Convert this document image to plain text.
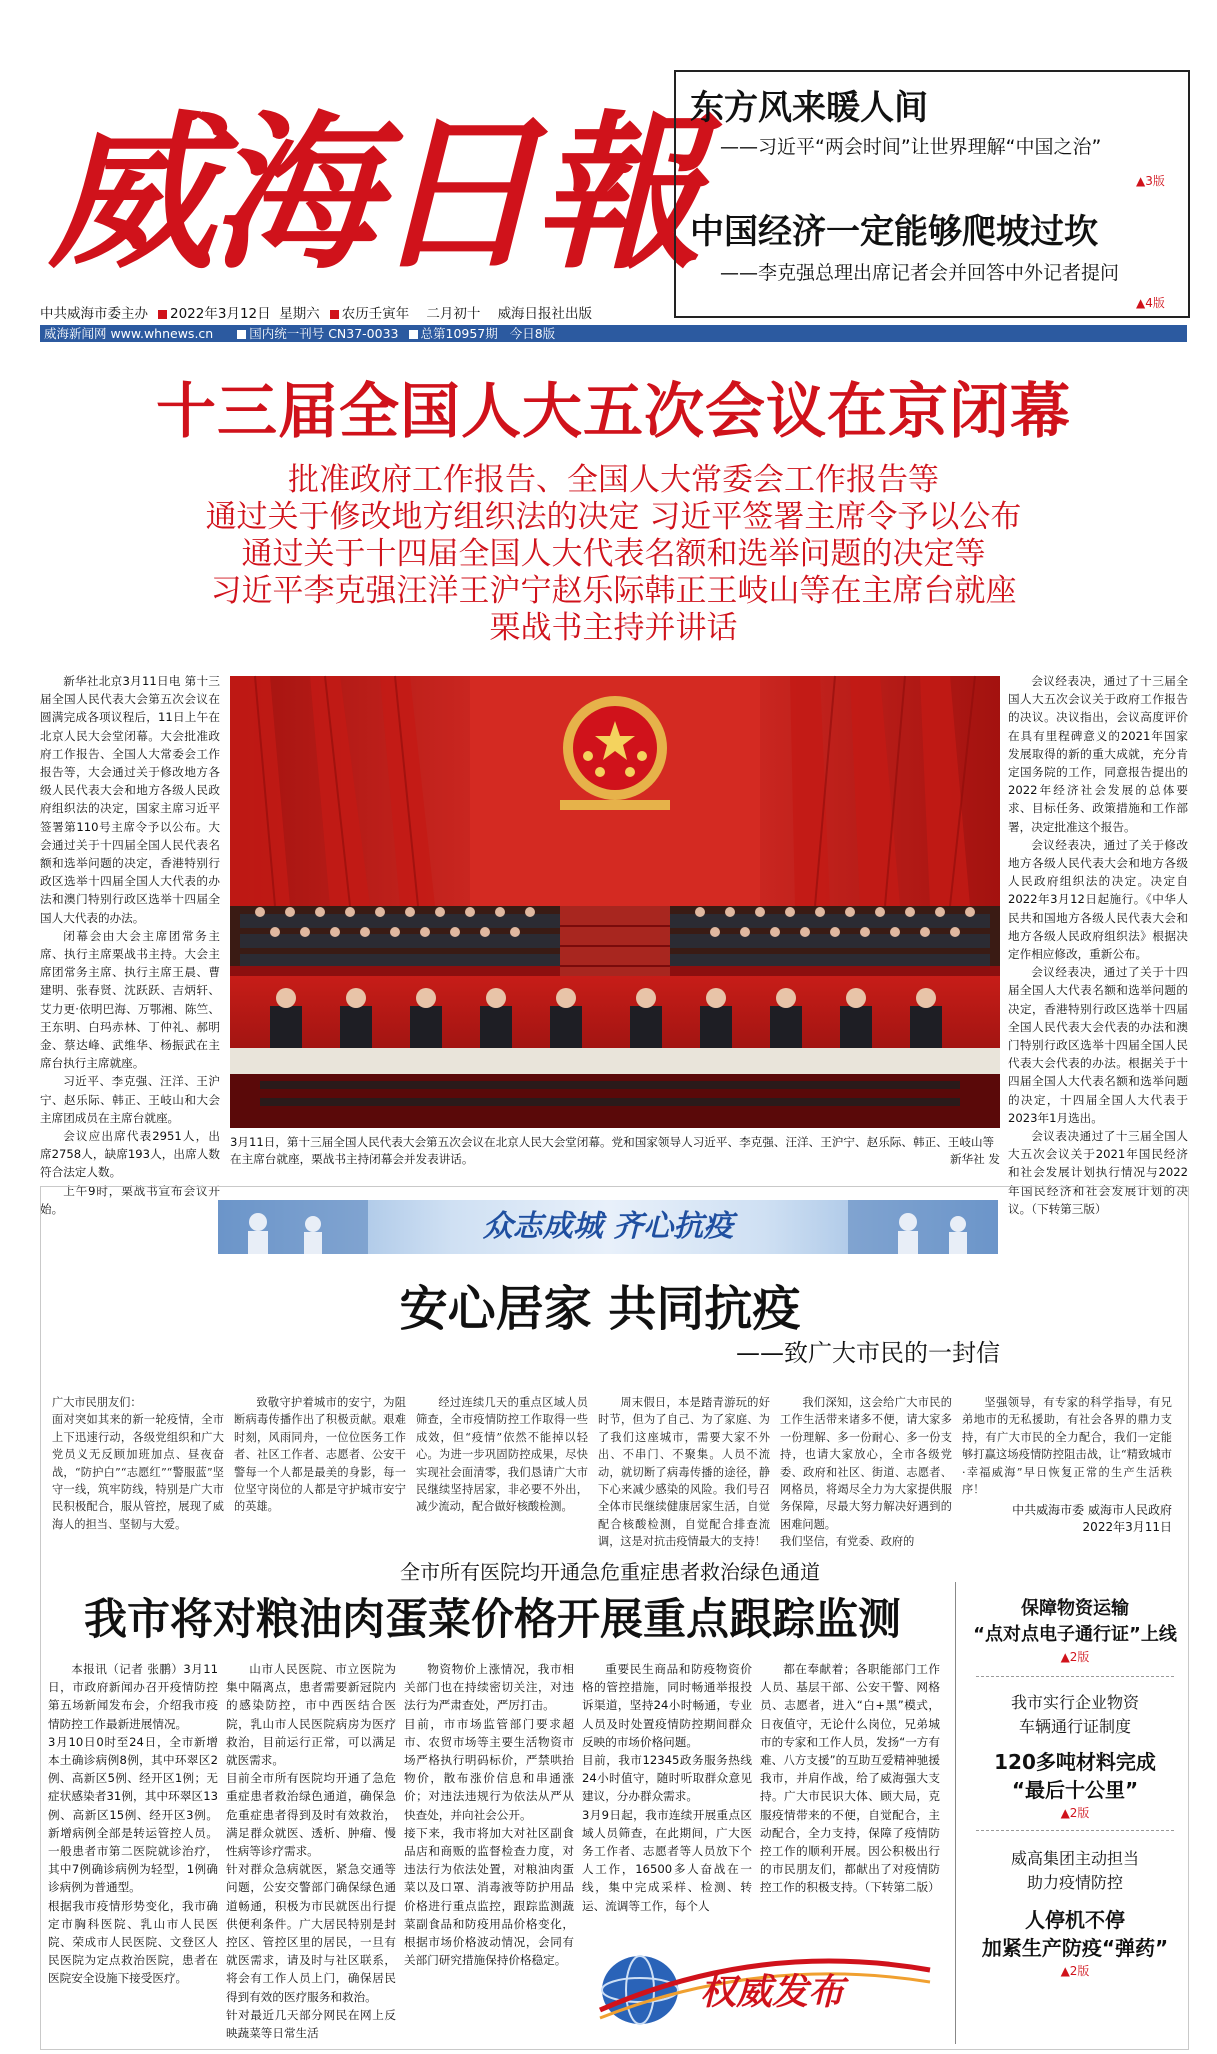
威海日報
东方风来暖人间
——习近平“两会时间”让世界理解“中国之治”
▲3版
中国经济一定能够爬坡过坎
——李克强总理出席记者会并回答中外记者提问
▲4版
中共威海市委主办 2022年3月12日 星期六 农历壬寅年 二月初十 威海日报社出版
威海新闻网 www.whnews.cn	国内统一刊号 CN37-0033 总第10957期 今日8版
十三届全国人大五次会议在京闭幕
批准政府工作报告、全国人大常委会工作报告等
通过关于修改地方组织法的决定 习近平签署主席令予以公布
通过关于十四届全国人大代表名额和选举问题的决定等
习近平李克强汪洋王沪宁赵乐际韩正王岐山等在主席台就座
栗战书主持并讲话

新华社北京3月11日电 第十三届全国人民代表大会第五次会议在圆满完成各项议程后，11日上午在北京人民大会堂闭幕。大会批准政府工作报告、全国人大常委会工作报告等，大会通过关于修改地方各级人民代表大会和地方各级人民政府组织法的决定，国家主席习近平签署第110号主席令予以公布。大会通过关于十四届全国人民代表名额和选举问题的决定，香港特别行政区选举十四届全国人大代表的办法和澳门特别行政区选举十四届全国人大代表的办法。

闭幕会由大会主席团常务主席、执行主席栗战书主持。大会主席团常务主席、执行主席王晨、曹建明、张春贤、沈跃跃、吉炳轩、艾力更·依明巴海、万鄂湘、陈竺、王东明、白玛赤林、丁仲礼、郝明金、蔡达峰、武维华、杨振武在主席台执行主席就座。

习近平、李克强、汪洋、王沪宁、赵乐际、韩正、王岐山和大会主席团成员在主席台就座。

会议应出席代表2951人，出席2758人，缺席193人，出席人数符合法定人数。

上午9时，栗战书宣布会议开始。

3月11日，第十三届全国人民代表大会第五次会议在北京人民大会堂闭幕。党和国家领导人习近平、李克强、汪洋、王沪宁、赵乐际、韩正、王岐山等在主席台就座，栗战书主持闭幕会并发表讲话。	新华社 发

会议经表决，通过了十三届全国人大五次会议关于政府工作报告的决议。决议指出，会议高度评价在具有里程碑意义的2021年国家发展取得的新的重大成就，充分肯定国务院的工作，同意报告提出的2022年经济社会发展的总体要求、目标任务、政策措施和工作部署，决定批准这个报告。

会议经表决，通过了关于修改地方各级人民代表大会和地方各级人民政府组织法的决定。决定自2022年3月12日起施行。《中华人民共和国地方各级人民代表大会和地方各级人民政府组织法》根据决定作相应修改，重新公布。

会议经表决，通过了关于十四届全国人大代表名额和选举问题的决定，香港特别行政区选举十四届全国人民代表大会代表的办法和澳门特别行政区选举十四届全国人民代表大会代表的办法。根据关于十四届全国人大代表名额和选举问题的决定，十四届全国人大代表于2023年1月选出。

会议表决通过了十三届全国人大五次会议关于2021年国民经济和社会发展计划执行情况与2022年国民经济和社会发展计划的决议。（下转第三版）

众志成城 齐心抗疫
安心居家 共同抗疫
——致广大市民的一封信

广大市民朋友们：
面对突如其来的新一轮疫情，全市上下迅速行动，各级党组织和广大党员义无反顾加班加点、昼夜奋战，“防护白”“志愿红”“警服蓝”坚守一线，筑牢防线，特别是广大市民积极配合，服从管控，展现了威海人的担当、坚韧与大爱。

致敬守护着城市的安宁，为阻断病毒传播作出了积极贡献。艰难时刻，风雨同舟，一位位医务工作者、社区工作者、志愿者、公安干警每一个人都是最美的身影，每一位坚守岗位的人都是守护城市安宁的英雄。

经过连续几天的重点区域人员筛查，全市疫情防控工作取得一些成效，但“疫情”依然不能掉以轻心。为进一步巩固防控成果，尽快实现社会面清零，我们恳请广大市民继续坚持居家，非必要不外出，减少流动，配合做好核酸检测。

周末假日，本是踏青游玩的好时节，但为了自己、为了家庭、为了我们这座城市，需要大家不外出、不串门、不聚集。人员不流动，就切断了病毒传播的途径，静下心来减少感染的风险。我们号召全体市民继续健康居家生活，自觉配合核酸检测，自觉配合排查流调，这是对抗击疫情最大的支持！

我们深知，这会给广大市民的工作生活带来诸多不便，请大家多一份理解、多一份耐心、多一份支持，也请大家放心，全市各级党委、政府和社区、街道、志愿者、网格员，将竭尽全力为大家提供服务保障，尽最大努力解决好遇到的困难问题。
我们坚信，有党委、政府的

坚强领导，有专家的科学指导，有兄弟地市的无私援助，有社会各界的鼎力支持，有广大市民的全力配合，我们一定能够打赢这场疫情防控阻击战，让“精致城市·幸福威海”早日恢复正常的生产生活秩序！

中共威海市委 威海市人民政府
2022年3月11日
全市所有医院均开通急危重症患者救治绿色通道
我市将对粮油肉蛋菜价格开展重点跟踪监测

本报讯（记者 张鹏）3月11日，市政府新闻办召开疫情防控第五场新闻发布会，介绍我市疫情防控工作最新进展情况。
3月10日0时至24日，全市新增本土确诊病例8例，其中环翠区2例、高新区5例、经开区1例；无症状感染者31例，其中环翠区13例、高新区15例、经开区3例。新增病例全部是转运管控人员。一般患者市第二医院就诊治疗，其中7例确诊病例为轻型，1例确诊病例为普通型。
根据我市疫情形势变化，我市确定市胸科医院、乳山市人民医院、荣成市人民医院、文登区人民医院为定点救治医院，患者在医院安全设施下接受医疗。

山市人民医院、市立医院为集中隔离点，患者需要新冠院内的感染防控，市中西医结合医院，乳山市人民医院病房为医疗救治，目前运行正常，可以满足就医需求。
目前全市所有医院均开通了急危重症患者救治绿色通道，确保急危重症患者得到及时有效救治，满足群众就医、透析、肿瘤、慢性病等诊疗需求。
针对群众急病就医，紧急交通等问题，公安交警部门确保绿色通道畅通，积极为市民就医出行提供便利条件。广大居民特别是封控区、管控区里的居民，一旦有就医需求，请及时与社区联系，将会有工作人员上门，确保居民得到有效的医疗服务和救治。
针对最近几天部分网民在网上反映蔬菜等日常生活

物资物价上涨情况，我市相关部门也在持续密切关注，对违法行为严肃查处，严厉打击。
目前，市市场监管部门要求超市、农贸市场等主要生活物资市场严格执行明码标价，严禁哄抬物价，散布涨价信息和串通涨价；对违法违规行为依法从严从快查处，并向社会公开。
接下来，我市将加大对社区副食品店和商贩的监督检查力度，对违法行为依法处置，对粮油肉蛋菜以及口罩、消毒液等防护用品价格进行重点监控，跟踪监测蔬菜副食品和防疫用品价格变化，根据市场价格波动情况，会同有关部门研究措施保持价格稳定。

重要民生商品和防疫物资价格的管控措施，同时畅通举报投诉渠道，坚持24小时畅通，专业人员及时处置疫情防控期间群众反映的市场价格问题。
目前，我市12345政务服务热线24小时值守，随时听取群众意见建议，分办群众需求。
3月9日起，我市连续开展重点区域人员筛查，在此期间，广大医务工作者、志愿者等人员放下个人工作，16500多人奋战在一线，集中完成采样、检测、转运、流调等工作，每个人

都在奉献着；各职能部门工作人员、基层干部、公安干警、网格员、志愿者，进入“白+黑”模式，日夜值守，无论什么岗位，兄弟城市的专家和工作人员，发扬“一方有难、八方支援”的互助互爱精神驰援我市，并肩作战，给了威海强大支持。广大市民识大体、顾大局，克服疫情带来的不便，自觉配合，主动配合，全力支持，保障了疫情防控工作的顺利开展。因公积极出行的市民朋友们，都献出了对疫情防控工作的积极支持。（下转第二版）

权威发布
保障物资运输
“点对点电子通行证”上线
▲2版
我市实行企业物资
车辆通行证制度
120多吨材料完成
“最后十公里”
▲2版
威高集团主动担当
助力疫情防控
人停机不停
加紧生产防疫“弹药”
▲2版
